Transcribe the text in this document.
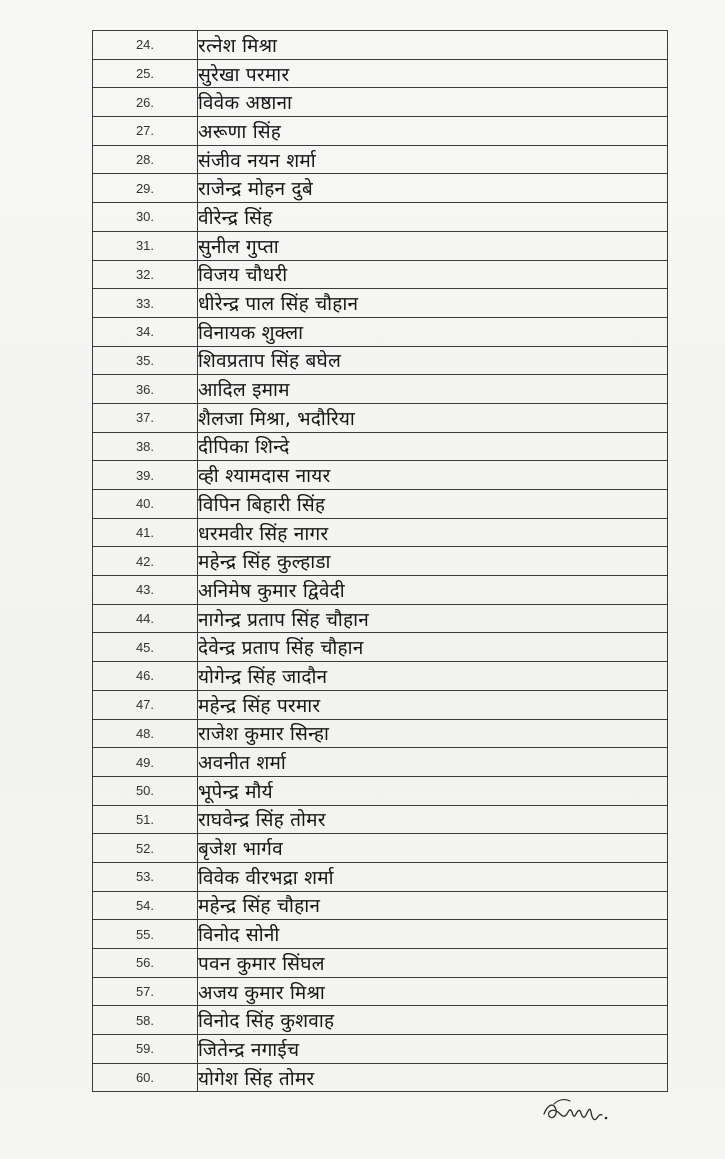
24.	रत्नेश मिश्रा
25.	सुरेखा परमार
26.	विवेक अष्ठाना
27.	अरूणा सिंह
28.	संजीव नयन शर्मा
29.	राजेन्द्र मोहन दुबे
30.	वीरेन्द्र सिंह
31.	सुनील गुप्ता
32.	विजय चौधरी
33.	धीरेन्द्र पाल सिंह चौहान
34.	विनायक शुक्ला
35.	शिवप्रताप सिंह बघेल
36.	आदिल इमाम
37.	शैलजा मिश्रा, भदौरिया
38.	दीपिका शिन्दे
39.	व्ही श्यामदास नायर
40.	विपिन बिहारी सिंह
41.	धरमवीर सिंह नागर
42.	महेन्द्र सिंह कुल्हाडा
43.	अनिमेष कुमार द्विवेदी
44.	नागेन्द्र प्रताप सिंह चौहान
45.	देवेन्द्र प्रताप सिंह चौहान
46.	योगेन्द्र सिंह जादौन
47.	महेन्द्र सिंह परमार
48.	राजेश कुमार सिन्हा
49.	अवनीत शर्मा
50.	भूपेन्द्र मौर्य
51.	राघवेन्द्र सिंह तोमर
52.	बृजेश भार्गव
53.	विवेक वीरभद्रा शर्मा
54.	महेन्द्र सिंह चौहान
55.	विनोद सोनी
56.	पवन कुमार सिंघल
57.	अजय कुमार मिश्रा
58.	विनोद सिंह कुशवाह
59.	जितेन्द्र नगाईच
60.	योगेश सिंह तोमर
